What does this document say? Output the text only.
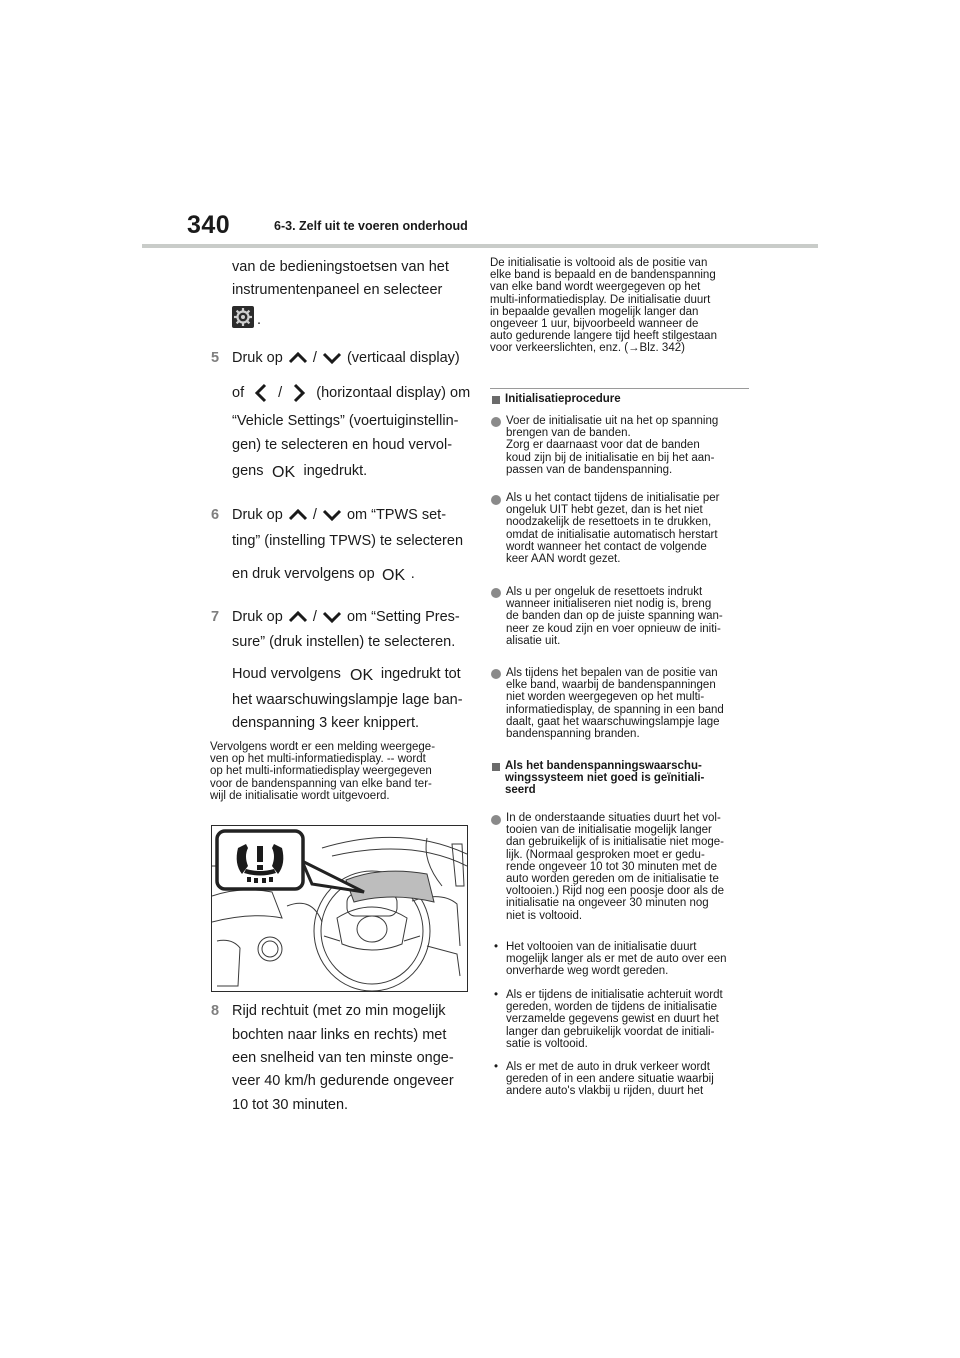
340	6-3. Zelf uit te voeren onderhoud
van de bedieningstoetsen van het
instrumentenpaneel en selecteer
.
5 Druk op / (verticaal display)
of / (horizontaal display) om
“Vehicle Settings” (voertuiginstellin-
gen) te selecteren en houd vervol-
gens OK ingedrukt.
6 Druk op / om “TPWS set-
ting” (instelling TPWS) te selecteren
en druk vervolgens op OK .
7 Druk op / om “Setting Pres-
sure” (druk instellen) te selecteren.
Houd vervolgens OK ingedrukt tot
het waarschuwingslampje lage ban-
denspanning 3 keer knippert.
Vervolgens wordt er een melding weergege-
ven op het multi-informatiedisplay. -- wordt
op het multi-informatiedisplay weergegeven
voor de bandenspanning van elke band ter-
wijl de initialisatie wordt uitgevoerd.
8 Rijd rechtuit (met zo min mogelijk
bochten naar links en rechts) met
een snelheid van ten minste onge-
veer 40 km/h gedurende ongeveer
10 tot 30 minuten.
De initialisatie is voltooid als de positie van
elke band is bepaald en de bandenspanning
van elke band wordt weergegeven op het
multi-informatiedisplay. De initialisatie duurt
in bepaalde gevallen mogelijk langer dan
ongeveer 1 uur, bijvoorbeeld wanneer de
auto gedurende langere tijd heeft stilgestaan
voor verkeerslichten, enz. (→Blz. 342)
Initialisatieprocedure
Voer de initialisatie uit na het op spanning
brengen van de banden.
Zorg er daarnaast voor dat de banden
koud zijn bij de initialisatie en bij het aan-
passen van de bandenspanning.
Als u het contact tijdens de initialisatie per
ongeluk UIT hebt gezet, dan is het niet
noodzakelijk de resettoets in te drukken,
omdat de initialisatie automatisch herstart
wordt wanneer het contact de volgende
keer AAN wordt gezet.
Als u per ongeluk de resettoets indrukt
wanneer initialiseren niet nodig is, breng
de banden dan op de juiste spanning wan-
neer ze koud zijn en voer opnieuw de initi-
alisatie uit.
Als tijdens het bepalen van de positie van
elke band, waarbij de bandenspanningen
niet worden weergegeven op het multi-
informatiedisplay, de spanning in een band
daalt, gaat het waarschuwingslampje lage
bandenspanning branden.
Als het bandenspanningswaarschu-
wingssysteem niet goed is geïnitiali-
seerd
In de onderstaande situaties duurt het vol-
tooien van de initialisatie mogelijk langer
dan gebruikelijk of is initialisatie niet moge-
lijk. (Normaal gesproken moet er gedu-
rende ongeveer 10 tot 30 minuten met de
auto worden gereden om de initialisatie te
voltooien.) Rijd nog een poosje door als de
initialisatie na ongeveer 30 minuten nog
niet is voltooid.
• Het voltooien van de initialisatie duurt
mogelijk langer als er met de auto over een
onverharde weg wordt gereden.
• Als er tijdens de initialisatie achteruit wordt
gereden, worden de tijdens de initialisatie
verzamelde gegevens gewist en duurt het
langer dan gebruikelijk voordat de initiali-
satie is voltooid.
• Als er met de auto in druk verkeer wordt
gereden of in een andere situatie waarbij
andere auto's vlakbij u rijden, duurt het
